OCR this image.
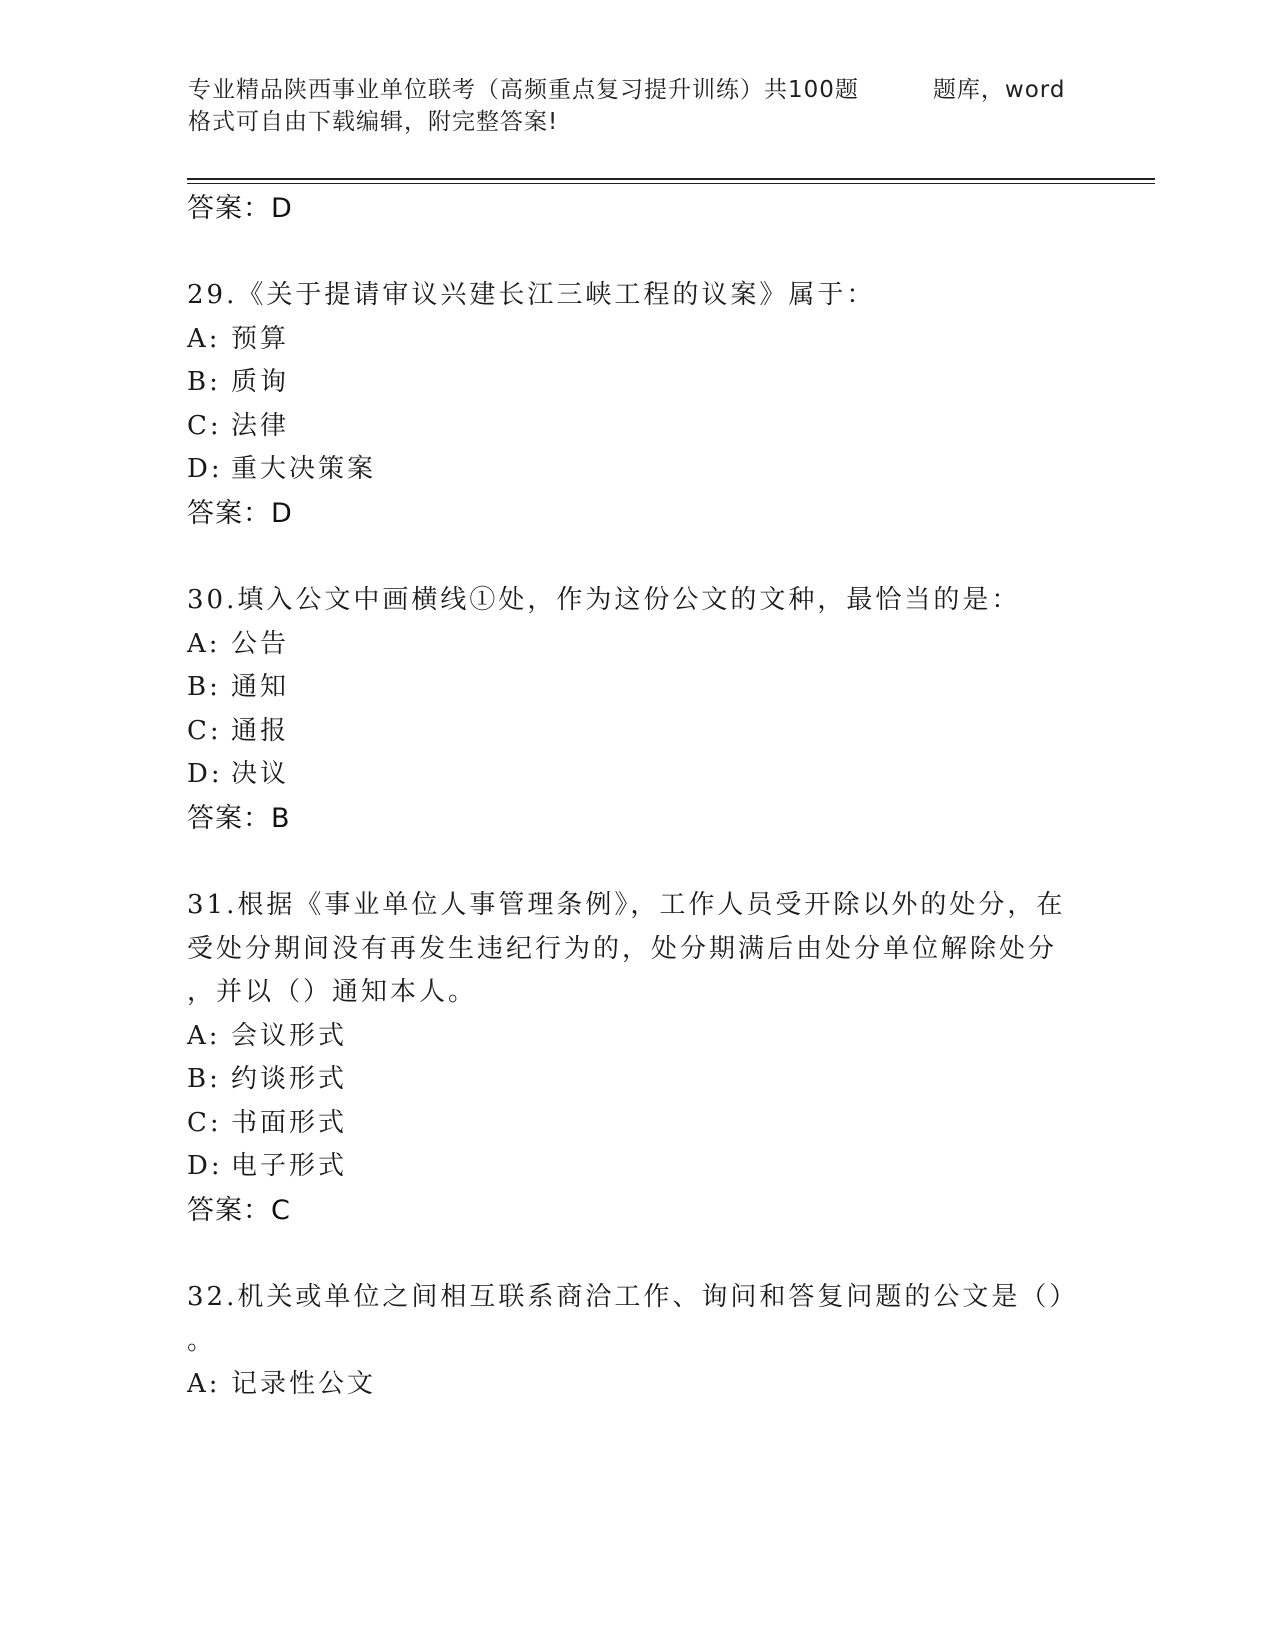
专业精品陕西事业单位联考（高频重点复习提升训练）共100题	题库，word
格式可自由下载编辑，附完整答案!
答案：D
29.《关于提请审议兴建长江三峡工程的议案》属于：
A: 预算
B: 质询
C: 法律
D: 重大决策案
答案：D
30.填入公文中画横线①处，作为这份公文的文种，最恰当的是：
A: 公告
B: 通知
C: 通报
D: 决议
答案：B
31.根据《事业单位人事管理条例》，工作人员受开除以外的处分，在
受处分期间没有再发生违纪行为的，处分期满后由处分单位解除处分
，并以（）通知本人。
A: 会议形式
B: 约谈形式
C: 书面形式
D: 电子形式
答案：C
32.机关或单位之间相互联系商洽工作、询问和答复问题的公文是（）
。
A: 记录性公文
